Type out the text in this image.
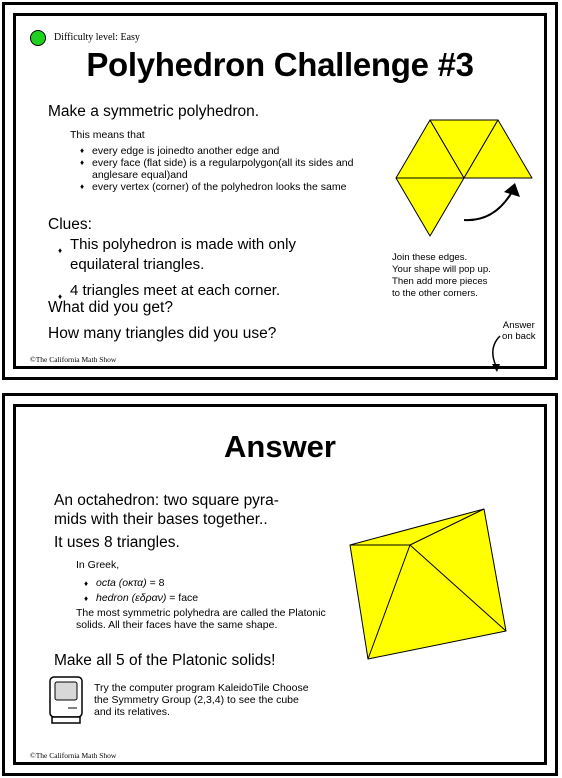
Difficulty level: Easy
Polyhedron Challenge #3
Make a symmetric polyhedron.
This means that
♦ every edge is joinedto another edge and
♦ every face (flat side) is a regularpolygon(all its sides and anglesare equal)and
♦ every vertex (corner) of the polyhedron looks the same
Clues:
♦ This polyhedron is made with only equilateral triangles.
♦ 4 triangles meet at each corner.
What did you get?
How many triangles did you use?
Join these edges.
Your shape will pop up.
Then add more pieces
to the other corners.
Answer
on back
©The California Math Show
Answer
An octahedron: two square pyra-
mids with their bases together..
It uses 8 triangles.
In Greek,
♦ octa (οκτα) = 8
♦ hedron (εδραν) = face
The most symmetric polyhedra are called the Platonic solids. All their faces have the same shape.
Make all 5 of the Platonic solids!
Try the computer program KaleidoTile Choose the Symmetry Group (2,3,4) to see the cube and its relatives.
©The California Math Show
